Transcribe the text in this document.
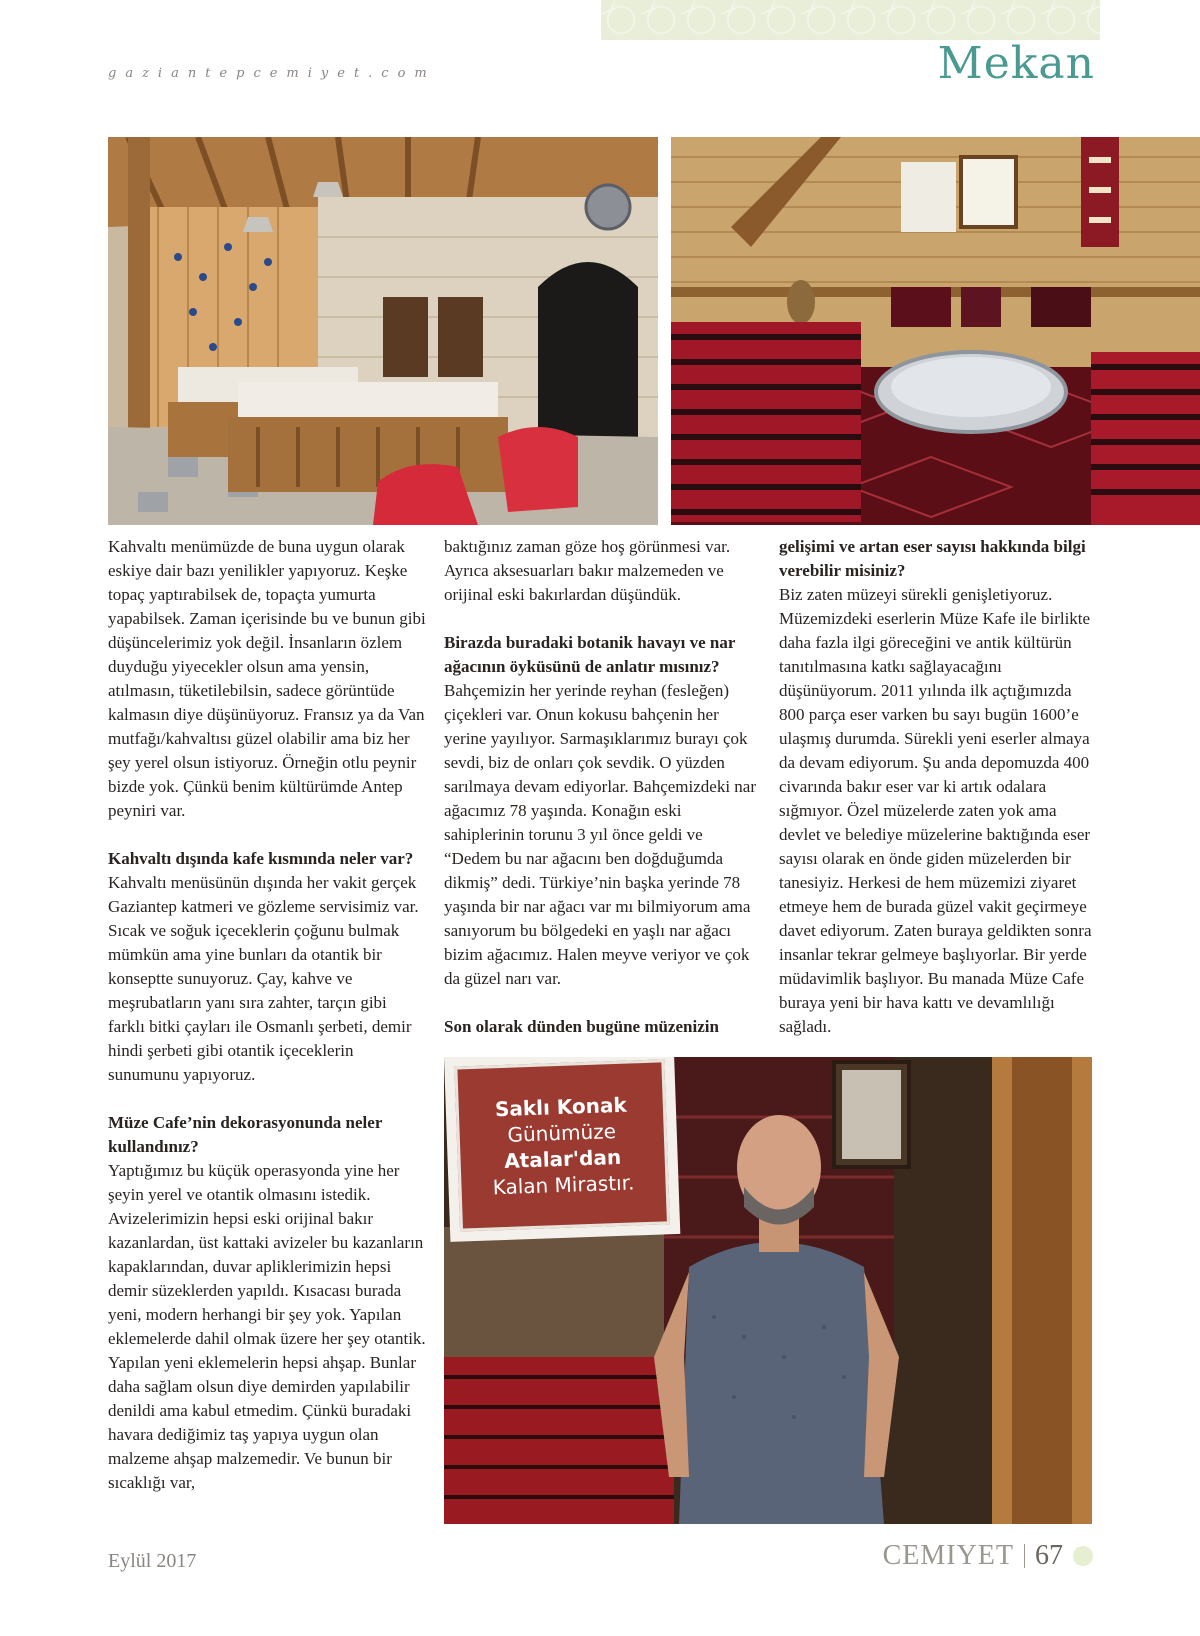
gaziantepcemiyet.com	Mekan

Kahvaltı menümüzde de buna uygun olarak eskiye dair bazı yenilikler yapıyoruz. Keşke topaç yaptırabilsek de, topaçta yumurta yapabilsek. Zaman içerisinde bu ve bunun gibi düşüncelerimiz yok değil. İnsanların özlem duyduğu yiyecekler olsun ama yensin, atılmasın, tüketilebilsin, sadece görüntüde kalmasın diye düşünüyoruz. Fransız ya da Van mutfağı/kahvaltısı güzel olabilir ama biz her şey yerel olsun istiyoruz. Örneğin otlu peynir bizde yok. Çünkü benim kültürümde Antep peyniri var.

Kahvaltı dışında kafe kısmında neler var?
Kahvaltı menüsünün dışında her vakit gerçek Gaziantep katmeri ve gözleme servisimiz var. Sıcak ve soğuk içeceklerin çoğunu bulmak mümkün ama yine bunları da otantik bir konseptte sunuyoruz. Çay, kahve ve meşrubatların yanı sıra zahter, tarçın gibi farklı bitki çayları ile Osmanlı şerbeti, demir hindi şerbeti gibi otantik içeceklerin sunumunu yapıyoruz.

Müze Cafe’nin dekorasyonunda neler kullandınız?
Yaptığımız bu küçük operasyonda yine her şeyin yerel ve otantik olmasını istedik. Avizelerimizin hepsi eski orijinal bakır kazanlardan, üst kattaki avizeler bu kazanların kapaklarından, duvar apliklerimizin hepsi demir süzeklerden yapıldı. Kısacası burada yeni, modern herhangi bir şey yok. Yapılan eklemelerde dahil olmak üzere her şey otantik. Yapılan yeni eklemelerin hepsi ahşap. Bunlar daha sağlam olsun diye demirden yapılabilir denildi ama kabul etmedim. Çünkü buradaki havara dediğimiz taş yapıya uygun olan malzeme ahşap malzemedir. Ve bunun bir sıcaklığı var,

baktığınız zaman göze hoş görünmesi var. Ayrıca aksesuarları bakır malzemeden ve orijinal eski bakırlardan düşündük.

Birazda buradaki botanik havayı ve nar ağacının öyküsünü de anlatır mısınız?
Bahçemizin her yerinde reyhan (fesleğen) çiçekleri var. Onun kokusu bahçenin her yerine yayılıyor. Sarmaşıklarımız burayı çok sevdi, biz de onları çok sevdik. O yüzden sarılmaya devam ediyorlar. Bahçemizdeki nar ağacımız 78 yaşında. Konağın eski sahiplerinin torunu 3 yıl önce geldi ve “Dedem bu nar ağacını ben doğduğumda dikmiş” dedi. Türkiye’nin başka yerinde 78 yaşında bir nar ağacı var mı bilmiyorum ama sanıyorum bu bölgedeki en yaşlı nar ağacı bizim ağacımız. Halen meyve veriyor ve çok da güzel narı var.

Son olarak dünden bugüne müzenizin

gelişimi ve artan eser sayısı hakkında bilgi verebilir misiniz?
Biz zaten müzeyi sürekli genişletiyoruz. Müzemizdeki eserlerin Müze Kafe ile birlikte daha fazla ilgi göreceğini ve antik kültürün tanıtılmasına katkı sağlayacağını düşünüyorum. 2011 yılında ilk açtığımızda 800 parça eser varken bu sayı bugün 1600’e ulaşmış durumda. Sürekli yeni eserler almaya da devam ediyorum. Şu anda depomuzda 400 civarında bakır eser var ki artık odalara sığmıyor. Özel müzelerde zaten yok ama devlet ve belediye müzelerine baktığında eser sayısı olarak en önde giden müzelerden bir tanesiyiz. Herkesi de hem müzemizi ziyaret etmeye hem de burada güzel vakit geçirmeye davet ediyorum. Zaten buraya geldikten sonra insanlar tekrar gelmeye başlıyorlar. Bir yerde müdavimlik başlıyor. Bu manada Müze Cafe buraya yeni bir hava kattı ve devamlılığı sağladı.

Saklı Konak
Günümüze
Atalar'dan
Kalan Mirastır.
Eylül 2017	CEMIYET 67
